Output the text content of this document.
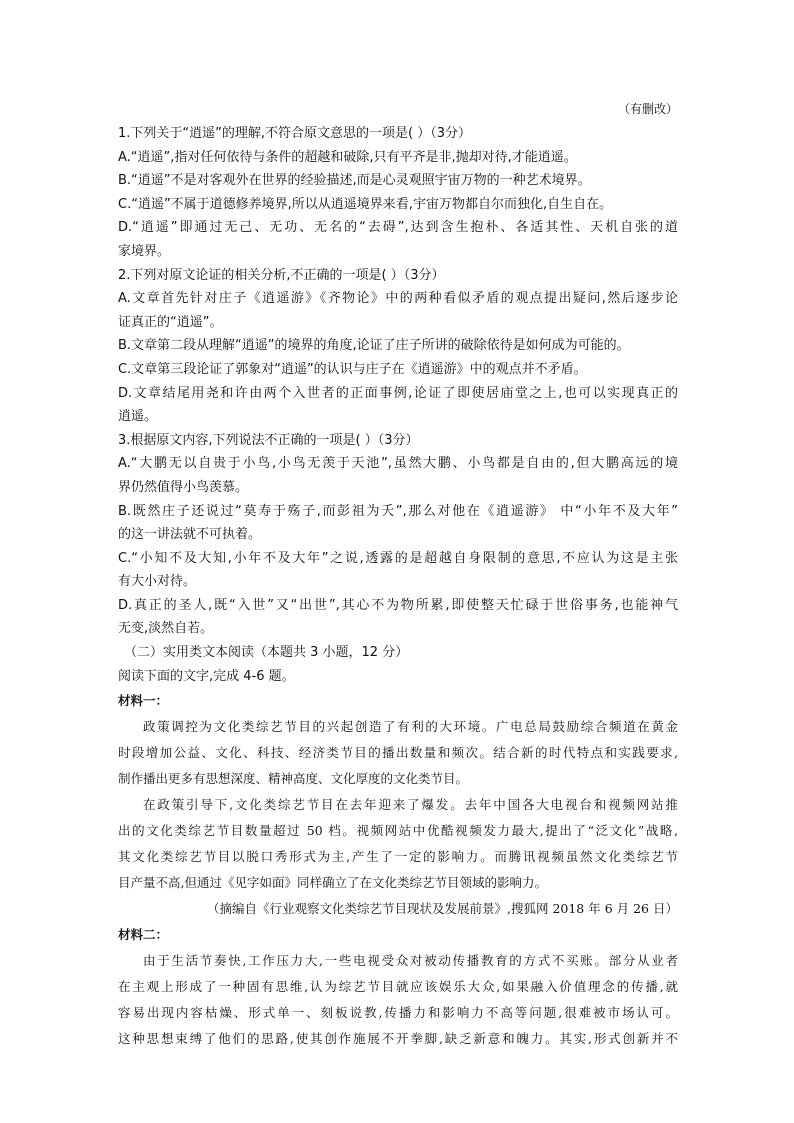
（有删改）
1.下列关于“逍遥”的理解,不符合原文意思的一项是( ）（3分）
A.“逍遥”,指对任何依待与条件的超越和破除,只有平齐是非,抛却对待,才能逍遥。
B.“逍遥”不是对客观外在世界的经验描述,而是心灵观照宇宙万物的一种艺术境界。
C.“逍遥”不属于道德修养境界,所以从逍遥境界来看,宇宙万物都自尔而独化,自生自在。
D.“逍遥”即通过无己、无功、无名的“去碍”,达到含生抱朴、各适其性、天机自张的道
家境界。
2.下列对原文论证的相关分析,不正确的一项是( ）（3分）
A.文章首先针对庄子《逍遥游》《齐物论》中的两种看似矛盾的观点提出疑问,然后逐步论
证真正的“逍遥”。
B.文章第二段从理解“逍遥”的境界的角度,论证了庄子所讲的破除依待是如何成为可能的。
C.文章第三段论证了郭象对“逍遥”的认识与庄子在《逍遥游》中的观点并不矛盾。
D.文章结尾用尧和许由两个入世者的正面事例,论证了即使居庙堂之上,也可以实现真正的
逍遥。
3.根据原文内容,下列说法不正确的一项是( ）（3分）
A.“大鹏无以自贵于小鸟,小鸟无羡于天池”,虽然大鹏、小鸟都是自由的,但大鹏高远的境
界仍然值得小鸟羡慕。
B.既然庄子还说过“莫寿于殇子,而彭祖为夭”,那么对他在《逍遥游》 中“小年不及大年”
的这一讲法就不可执着。
C.“小知不及大知,小年不及大年”之说,透露的是超越自身限制的意思,不应认为这是主张
有大小对待。
D.真正的圣人,既“入世”又“出世”,其心不为物所累,即使整天忙碌于世俗事务,也能神气
无变,淡然自若。
（二）实用类文本阅读（本题共 3 小题，12 分）
阅读下面的文字,完成 4-6 题。
材料一：
政策调控为文化类综艺节目的兴起创造了有利的大环境。广电总局鼓励综合频道在黄金
时段增加公益、文化、科技、经济类节目的播出数量和频次。结合新的时代特点和实践要求,
制作播出更多有思想深度、精神高度、文化厚度的文化类节目。
在政策引导下,文化类综艺节目在去年迎来了爆发。去年中国各大电视台和视频网站推
出的文化类综艺节目数量超过 50 档。视频网站中优酷视频发力最大,提出了“泛文化”战略,
其文化类综艺节目以脱口秀形式为主,产生了一定的影响力。而腾讯视频虽然文化类综艺节
目产量不高,但通过《见字如面》同样确立了在文化类综艺节目领域的影响力。
（摘编自《行业观察文化类综艺节目现状及发展前景》,搜狐网 2018 年 6 月 26 日）
材料二：
由于生活节奏快,工作压力大,一些电视受众对被动传播教育的方式不买账。部分从业者
在主观上形成了一种固有思维,认为综艺节目就应该娱乐大众,如果融入价值理念的传播,就
容易出现内容枯燥、形式单一、刻板说教,传播力和影响力不高等问题,很难被市场认可。
这种思想束缚了他们的思路,使其创作施展不开拳脚,缺乏新意和魄力。其实,形式创新并不
